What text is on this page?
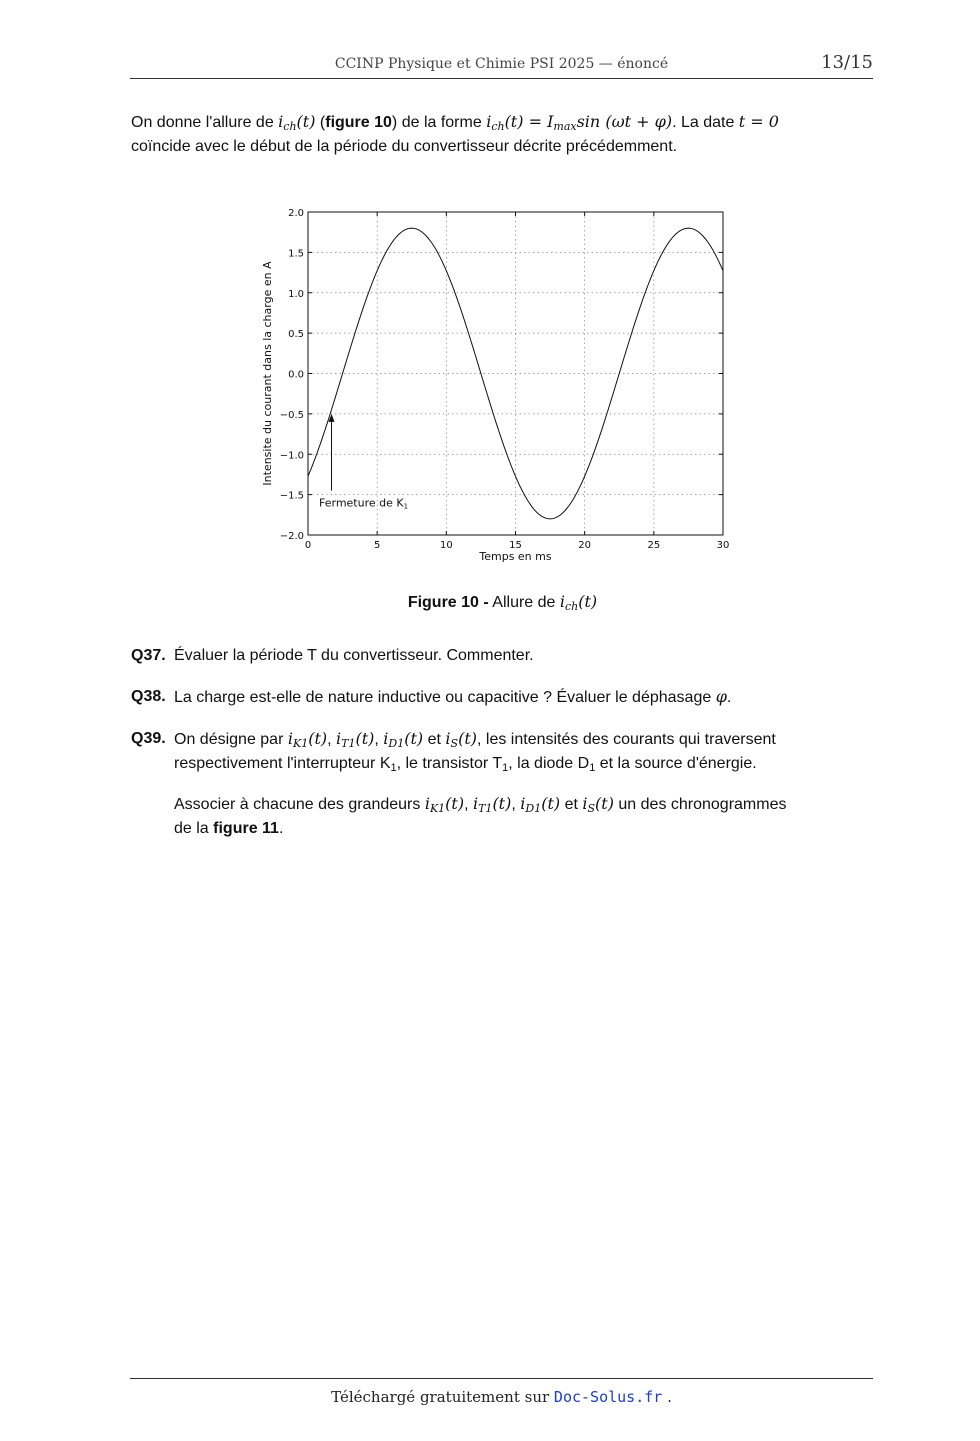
CCINP Physique et Chimie PSI 2025 — énoncé	13/15
On donne l'allure de $i_{ch}(t)$ (figure 10) de la forme $i_{ch}(t) = I_{max}\sin$ (ωt + φ). La date t = 0
coïncide avec le début de la période du convertisseur décrite précédemment.
0	5	10	15	20	25	30
2.0
1.5
1.0
0.5
0.0
−0.5
−1.0
−1.5
−2.0
Temps en ms
Intensite du courant dans la charge en A
Fermeture de K1
Figure 10 - Allure de $i_{ch}(t)$
Q37. Évaluer la période T du convertisseur. Commenter.
Q38. La charge est-elle de nature inductive ou capacitive ? Évaluer le déphasage φ.
Q39. On désigne par $i_{K1}(t)$, $i_{T1}(t)$, $i_{D1}(t)$ et $i_S(t)$, les intensités des courants qui traversent
respectivement l'interrupteur $K_1$, le transistor $T_1$, la diode $D_1$ et la source d'énergie.
Associer à chacune des grandeurs $i_{K1}(t)$, $i_{T1}(t)$, $i_{D1}(t)$ et $i_S(t)$ un des chronogrammes
de la figure 11.
Téléchargé gratuitement sur Doc-Solus.fr .
